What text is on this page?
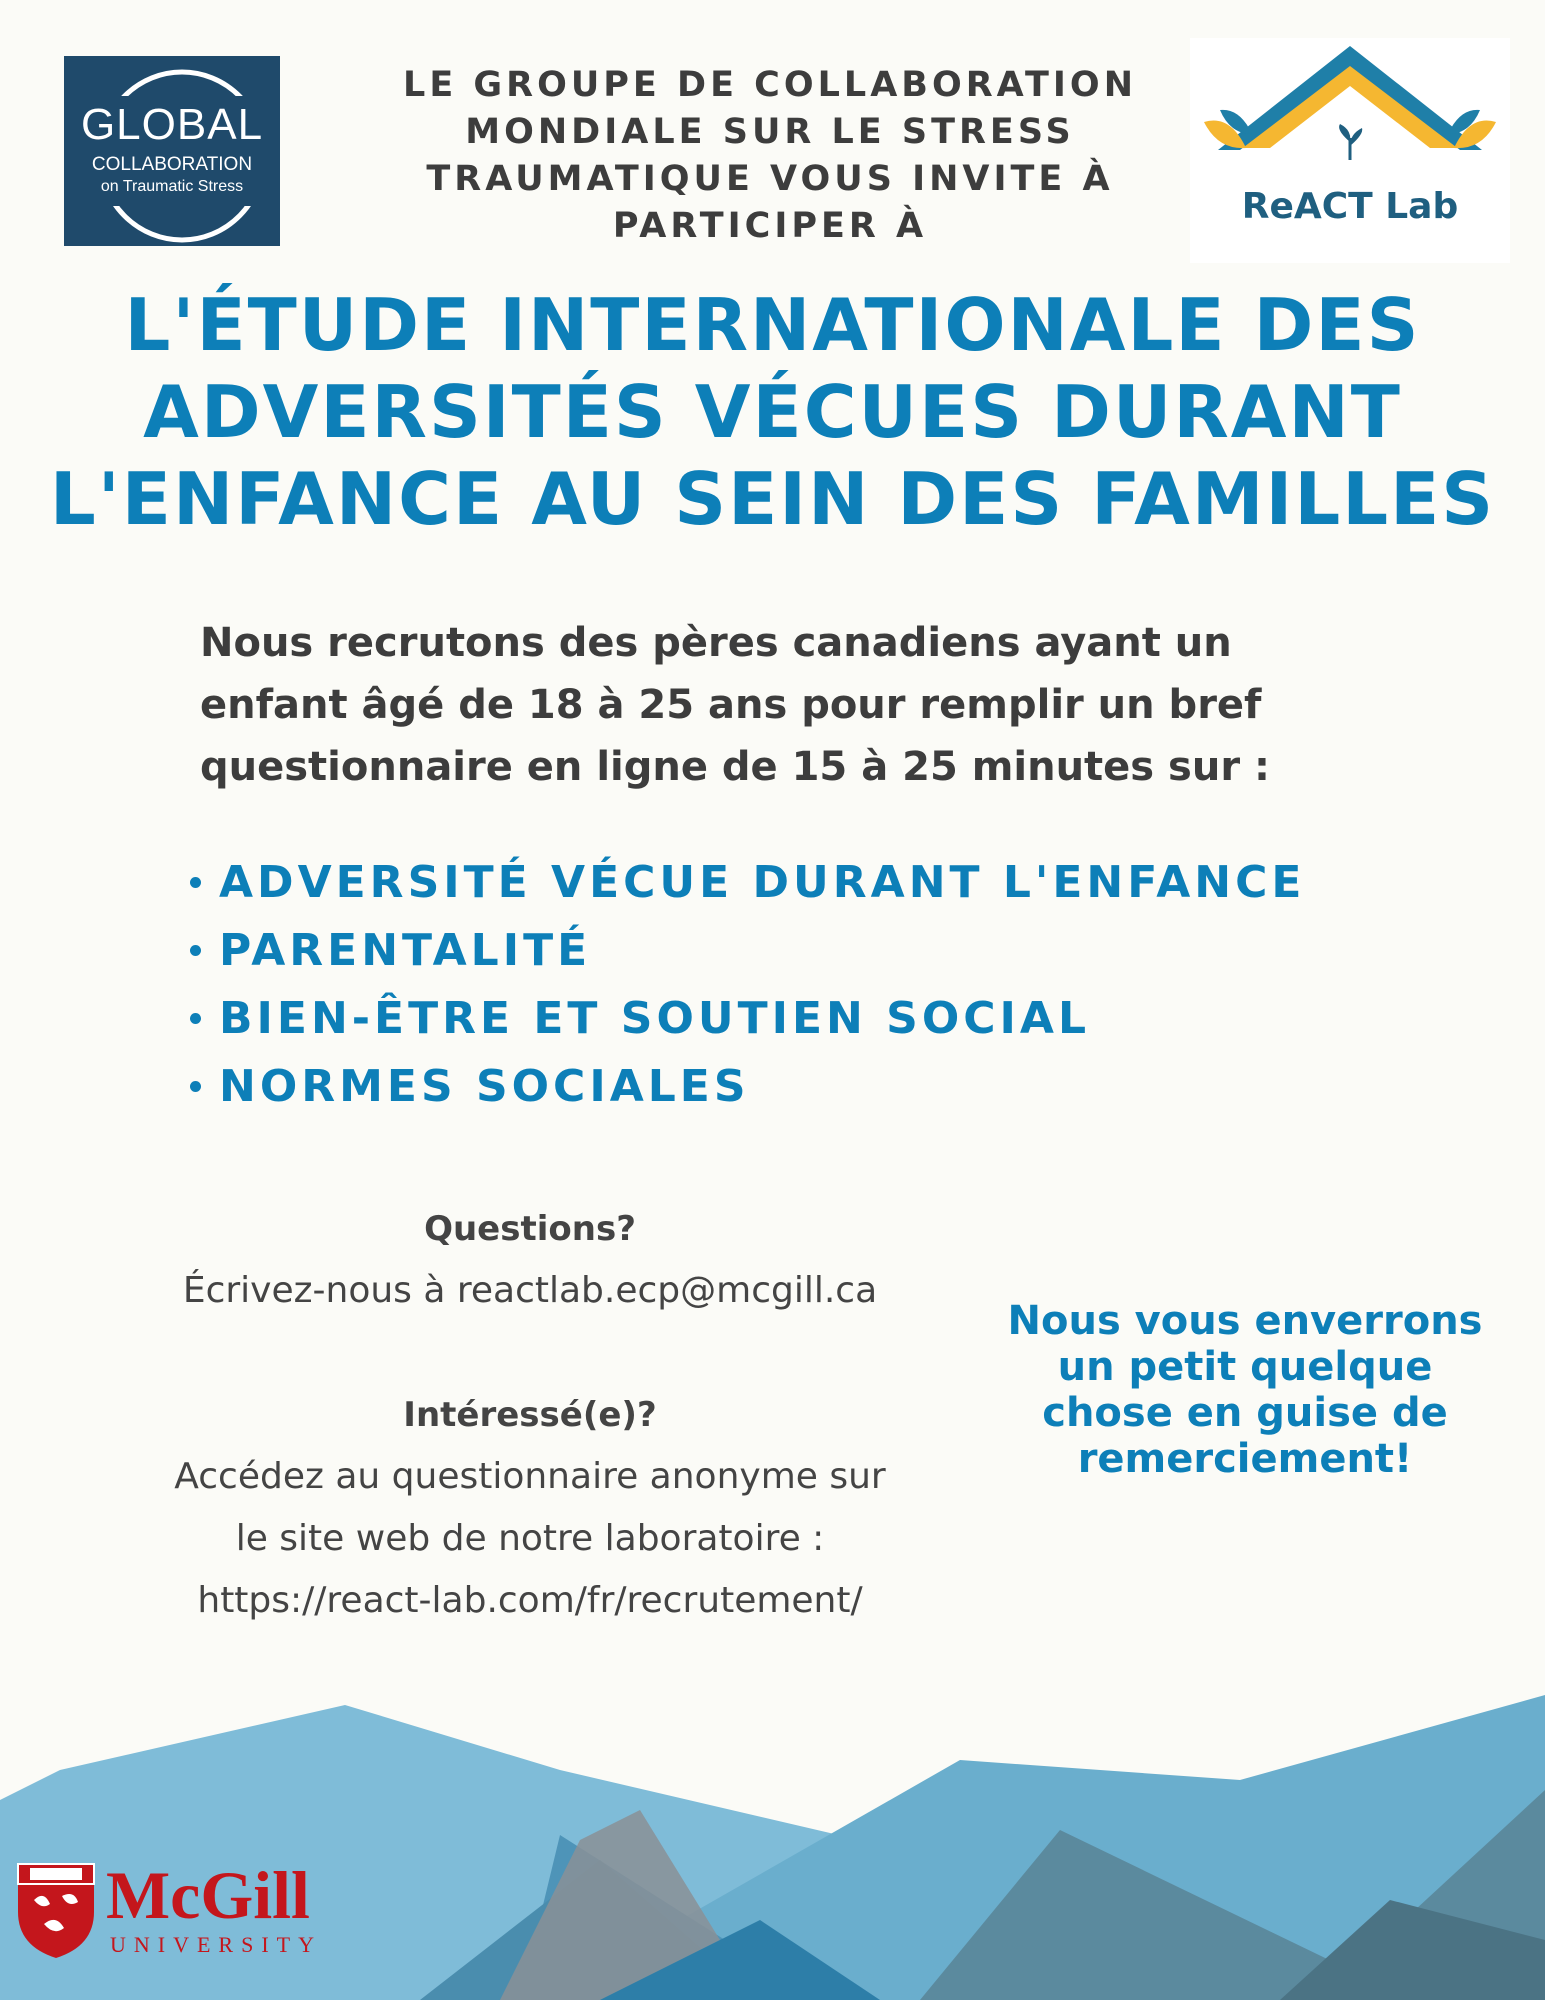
GLOBAL
COLLABORATION
on Traumatic Stress
LE GROUPE DE COLLABORATION
MONDIALE SUR LE STRESS
TRAUMATIQUE VOUS INVITE À
PARTICIPER À	ReACT Lab
L'ÉTUDE INTERNATIONALE DES
ADVERSITÉS VÉCUES DURANT
L'ENFANCE AU SEIN DES FAMILLES
Nous recrutons des pères canadiens ayant un
enfant âgé de 18 à 25 ans pour remplir un bref
questionnaire en ligne de 15 à 25 minutes sur :
ADVERSITÉ VÉCUE DURANT L'ENFANCE
PARENTALITÉ
BIEN-ÊTRE ET SOUTIEN SOCIAL
NORMES SOCIALES
Questions?
Écrivez-nous à reactlab.ecp@mcgill.ca
Intéressé(e)?
Accédez au questionnaire anonyme sur
le site web de notre laboratoire :
https://react-lab.com/fr/recrutement/
Nous vous enverrons
un petit quelque
chose en guise de
remerciement!
McGill
UNIVERSITY
